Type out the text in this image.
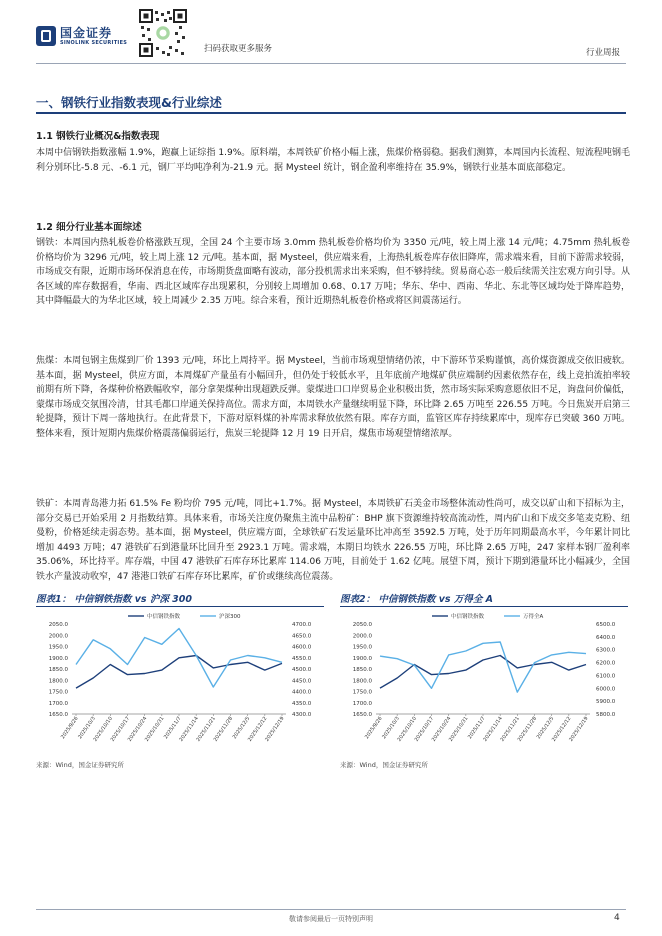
国金证券
SINOLINK SECURITIES
扫码获取更多服务	行业周报
一、钢铁行业指数表现&行业综述
1.1 钢铁行业概况&指数表现

本周中信钢铁指数涨幅 1.9%，跑赢上证综指 1.9%。原料端，本周铁矿价格小幅上涨，焦煤价格弱稳。据我们测算，本周国内长流程、短流程吨钢毛利分别环比-5.8 元、-6.1 元，钢厂平均吨净利为-21.9 元。据 Mysteel 统计，钢企盈利率维持在 35.9%，钢铁行业基本面底部稳定。

1.2 细分行业基本面综述

钢铁：本周国内热轧板卷价格涨跌互现，全国 24 个主要市场 3.0mm 热轧板卷价格均价为 3350 元/吨，较上周上涨 14 元/吨；4.75mm 热轧板卷价格均价为 3296 元/吨，较上周上涨 12 元/吨。基本面，据 Mysteel，供应端来看，上海热轧板卷库存依旧降库，需求端来看，目前下游需求较弱，市场成交有限，近期市场环保消息在传，市场期货盘面略有波动，部分投机需求出来采购，但不够持续。贸易商心态一般后续需关注宏观方向引导。从各区域的库存数据看，华南、西北区域库存出现累积，分别较上周增加 0.68、0.17 万吨；华东、华中、西南、华北、东北等区域均处于降库趋势，其中降幅最大的为华北区域，较上周减少 2.35 万吨。综合来看，预计近期热轧板卷价格或将区间震荡运行。

焦煤：本周包钢主焦煤到厂价 1393 元/吨，环比上周持平。据 Mysteel，当前市场观望情绪仍浓，中下游环节采购谨慎，高价煤资源成交依旧疲软。基本面，据 Mysteel，供应方面，本周煤矿产量虽有小幅回升，但仍处于较低水平，且年底前产地煤矿供应端制约因素依然存在，线上竞拍流拍率较前期有所下降，各煤种价格跌幅收窄，部分拿架煤种出现超跌反弹。蒙煤进口口岸贸易企业积极出货，然市场实际采购意愿依旧不足，询盘问价偏低，蒙煤市场成交氛围冷清，甘其毛都口岸通关保持高位。需求方面，本周铁水产量继续明显下降，环比降 2.65 万吨至 226.55 万吨。今日焦炭开启第三轮提降，预计下周一落地执行。在此背景下，下游对原料煤的补库需求释放依然有限。库存方面，监管区库存持续累库中，现库存已突破 360 万吨。整体来看，预计短期内焦煤价格震荡偏弱运行，焦炭三轮提降 12 月 19 日开启，煤焦市场观望情绪浓厚。

铁矿：本周青岛港力拓 61.5% Fe 粉均价 795 元/吨，同比+1.7%。据 Mysteel，本周铁矿石美金市场整体流动性尚可，成交以矿山和下招标为主，部分交易已开始采用 2 月指数结算。具体来看，市场关注度仍聚焦主流中品粉矿：BHP 旗下资源维持较高流动性，周内矿山和下成交多笔麦克粉、纽曼粉，价格延续走弱态势。基本面，据 Mysteel，供应端方面，全球铁矿石发运量环比冲高至 3592.5 万吨，处于历年同期最高水平，今年累计同比增加 4493 万吨；47 港铁矿石到港量环比回升至 2923.1 万吨。需求端，本期日均铁水 226.55 万吨，环比降 2.65 万吨，247 家样本钢厂盈利率 35.06%，环比持平。库存端，中国 47 港铁矿石库存环比累库 114.06 万吨，目前处于 1.62 亿吨。展望下周，预计下期到港量环比小幅减少，全国铁水产量波动收窄，47 港港口铁矿石库存环比累库，矿价或继续高位震荡。

图表1： 中信钢铁指数 vs 沪深 300
1650.0
1700.0
1750.0
1800.0
1850.0
1900.0
1950.0
2000.0
2050.0
4300.0
4350.0
4400.0
4450.0
4500.0
4550.0
4600.0
4650.0
4700.0
2025/9/26
2025/10/3
2025/10/10
2025/10/17
2025/10/24
2025/10/31
2025/11/7
2025/11/14
2025/11/21
2025/11/28
2025/12/5
2025/12/12
2025/12/19
中信钢铁指数	沪深300
来源：Wind，国金证券研究所
图表2： 中信钢铁指数 vs 万得全 A
1650.0
1700.0
1750.0
1800.0
1850.0
1900.0
1950.0
2000.0
2050.0
5800.0
5900.0
6000.0
6100.0
6200.0
6300.0
6400.0
6500.0
2025/9/26
2025/10/3
2025/10/10
2025/10/17
2025/10/24
2025/10/31
2025/11/7
2025/11/14
2025/11/21
2025/11/28
2025/12/5
2025/12/12
2025/12/19
中信钢铁指数	万得全A
来源：Wind，国金证券研究所
敬请参阅最后一页特别声明	4
